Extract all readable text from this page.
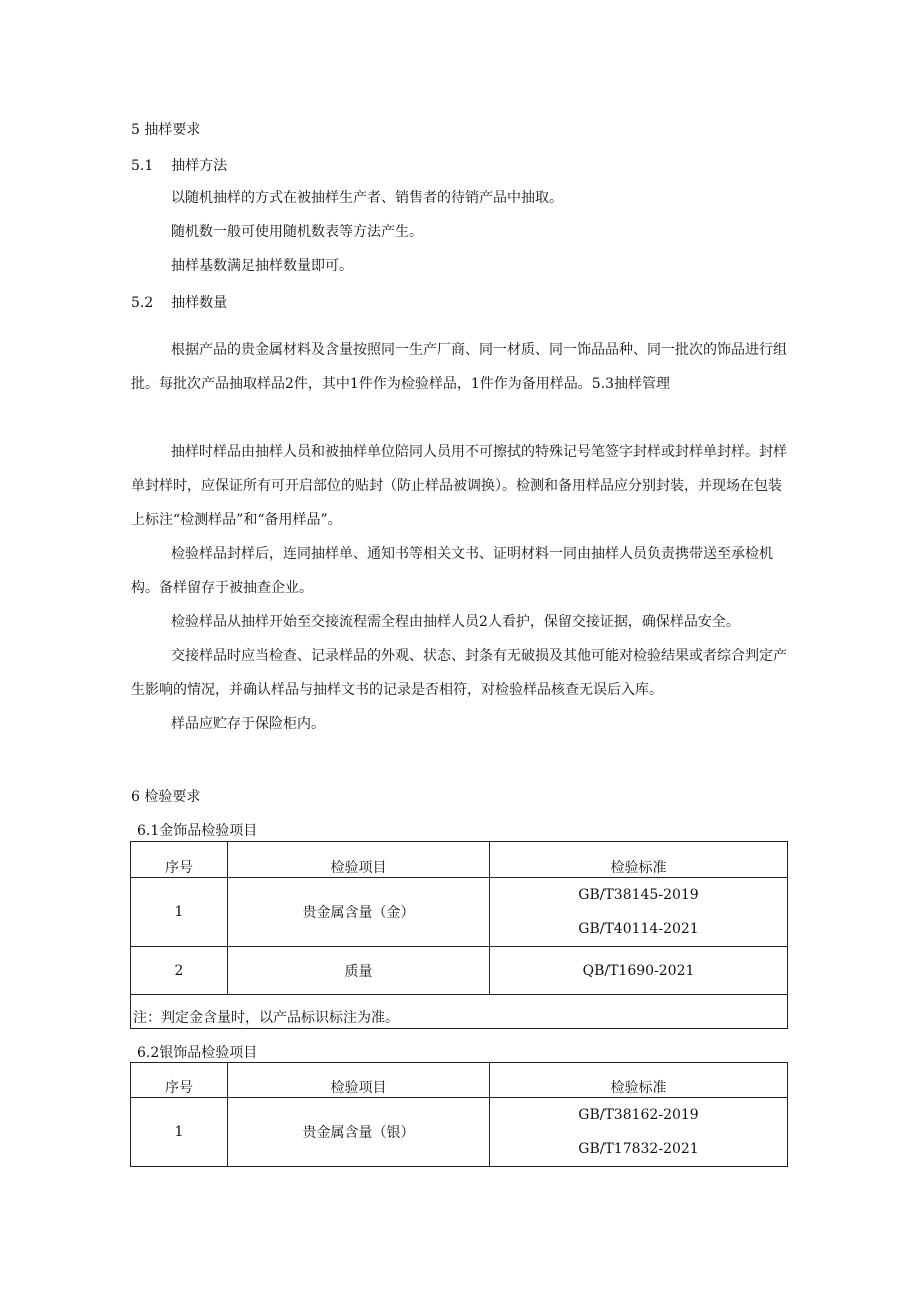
5 抽样要求
5.1 抽样方法
以随机抽样的方式在被抽样生产者、销售者的待销产品中抽取。
随机数一般可使用随机数表等方法产生。
抽样基数满足抽样数量即可。
5.2 抽样数量
根据产品的贵金属材料及含量按照同一生产厂商、同一材质、同一饰品品种、同一批次的饰品进行组批。每批次产品抽取样品2件，其中1件作为检验样品，1件作为备用样品。5.3抽样管理
抽样时样品由抽样人员和被抽样单位陪同人员用不可擦拭的特殊记号笔签字封样或封样单封样。封样单封样时，应保证所有可开启部位的贴封（防止样品被调换）。检测和备用样品应分别封装，并现场在包装上标注“检测样品”和“备用样品”。
检验样品封样后，连同抽样单、通知书等相关文书、证明材料一同由抽样人员负责携带送至承检机构。备样留存于被抽查企业。
检验样品从抽样开始至交接流程需全程由抽样人员2人看护，保留交接证据，确保样品安全。
交接样品时应当检查、记录样品的外观、状态、封条有无破损及其他可能对检验结果或者综合判定产生影响的情况，并确认样品与抽样文书的记录是否相符，对检验样品核查无误后入库。
样品应贮存于保险柜内。
6 检验要求
6.1金饰品检验项目
序号	检验项目	检验标准
1	贵金属含量（金）	GB/T38145-2019
GB/T40114-2021

2	质量	QB/T1690-2021
注：判定金含量时，以产品标识标注为准。		
6.2银饰品检验项目
序号	检验项目	检验标准
1	贵金属含量（银）	GB/T38162-2019
GB/T17832-2021
